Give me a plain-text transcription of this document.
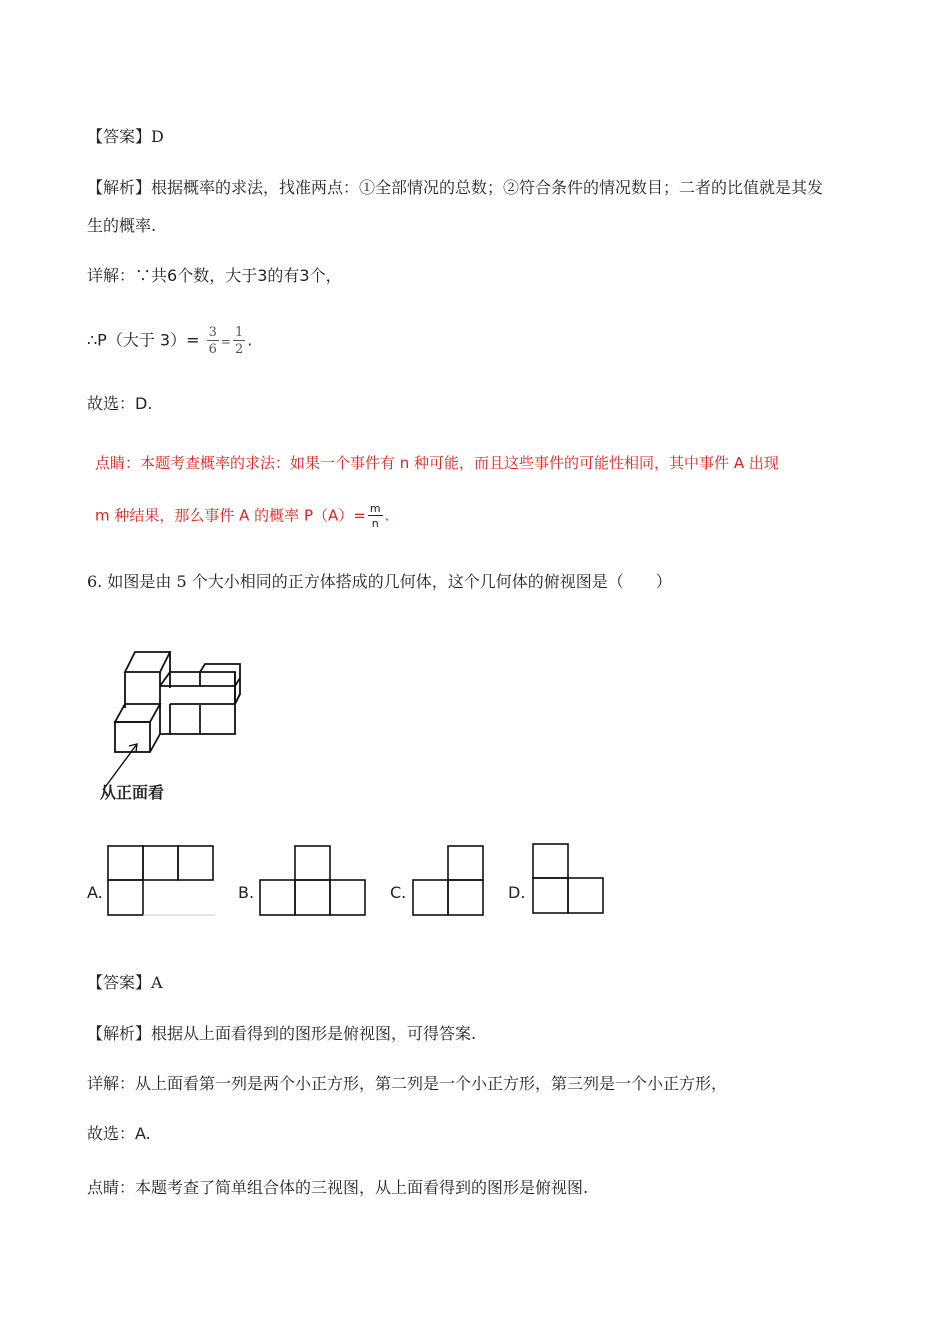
【答案】D
【解析】根据概率的求法，找准两点：①全部情况的总数；②符合条件的情况数目；二者的比值就是其发
生的概率.
详解：∵共6个数，大于3的有3个，
∴P（大于 $3)= \frac{3}{6} = \frac{1}{2}$ .
故选：D.
点睛：本题考查概率的求法：如果一个事件有 n 种可能，而且这些事件的可能性相同，其中事件 A 出现
m 种结果，那么事件 A 的概率 $P(A)= \frac{m}{n}$ .
6. 如图是由 5 个大小相同的正方体搭成的几何体，这个几何体的俯视图是（　　）
从正面看
A.	B.	C.	D.
【答案】A
【解析】根据从上面看得到的图形是俯视图，可得答案.
详解：从上面看第一列是两个小正方形，第二列是一个小正方形，第三列是一个小正方形，
故选：A.
点睛：本题考查了简单组合体的三视图，从上面看得到的图形是俯视图.
